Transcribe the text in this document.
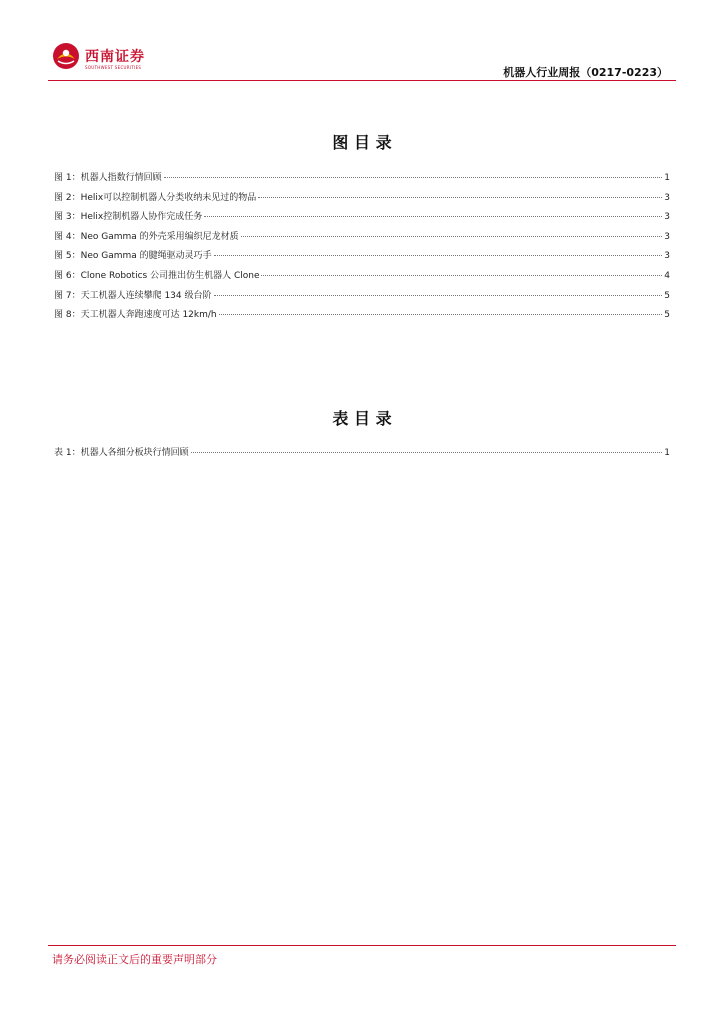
西南证券
SOUTHWEST SECURITIES	机器人行业周报（0217-0223）
图 目 录
图 1：机器人指数行情回顾	1
图 2：Helix可以控制机器人分类收纳未见过的物品	3
图 3：Helix控制机器人协作完成任务	3
图 4：Neo Gamma 的外壳采用编织尼龙材质	3
图 5：Neo Gamma 的腱绳驱动灵巧手	3
图 6：Clone Robotics 公司推出仿生机器人 Clone	4
图 7：天工机器人连续攀爬 134 级台阶	5
图 8：天工机器人奔跑速度可达 12km/h	5
表 目 录
表 1：机器人各细分板块行情回顾	1
请务必阅读正文后的重要声明部分
